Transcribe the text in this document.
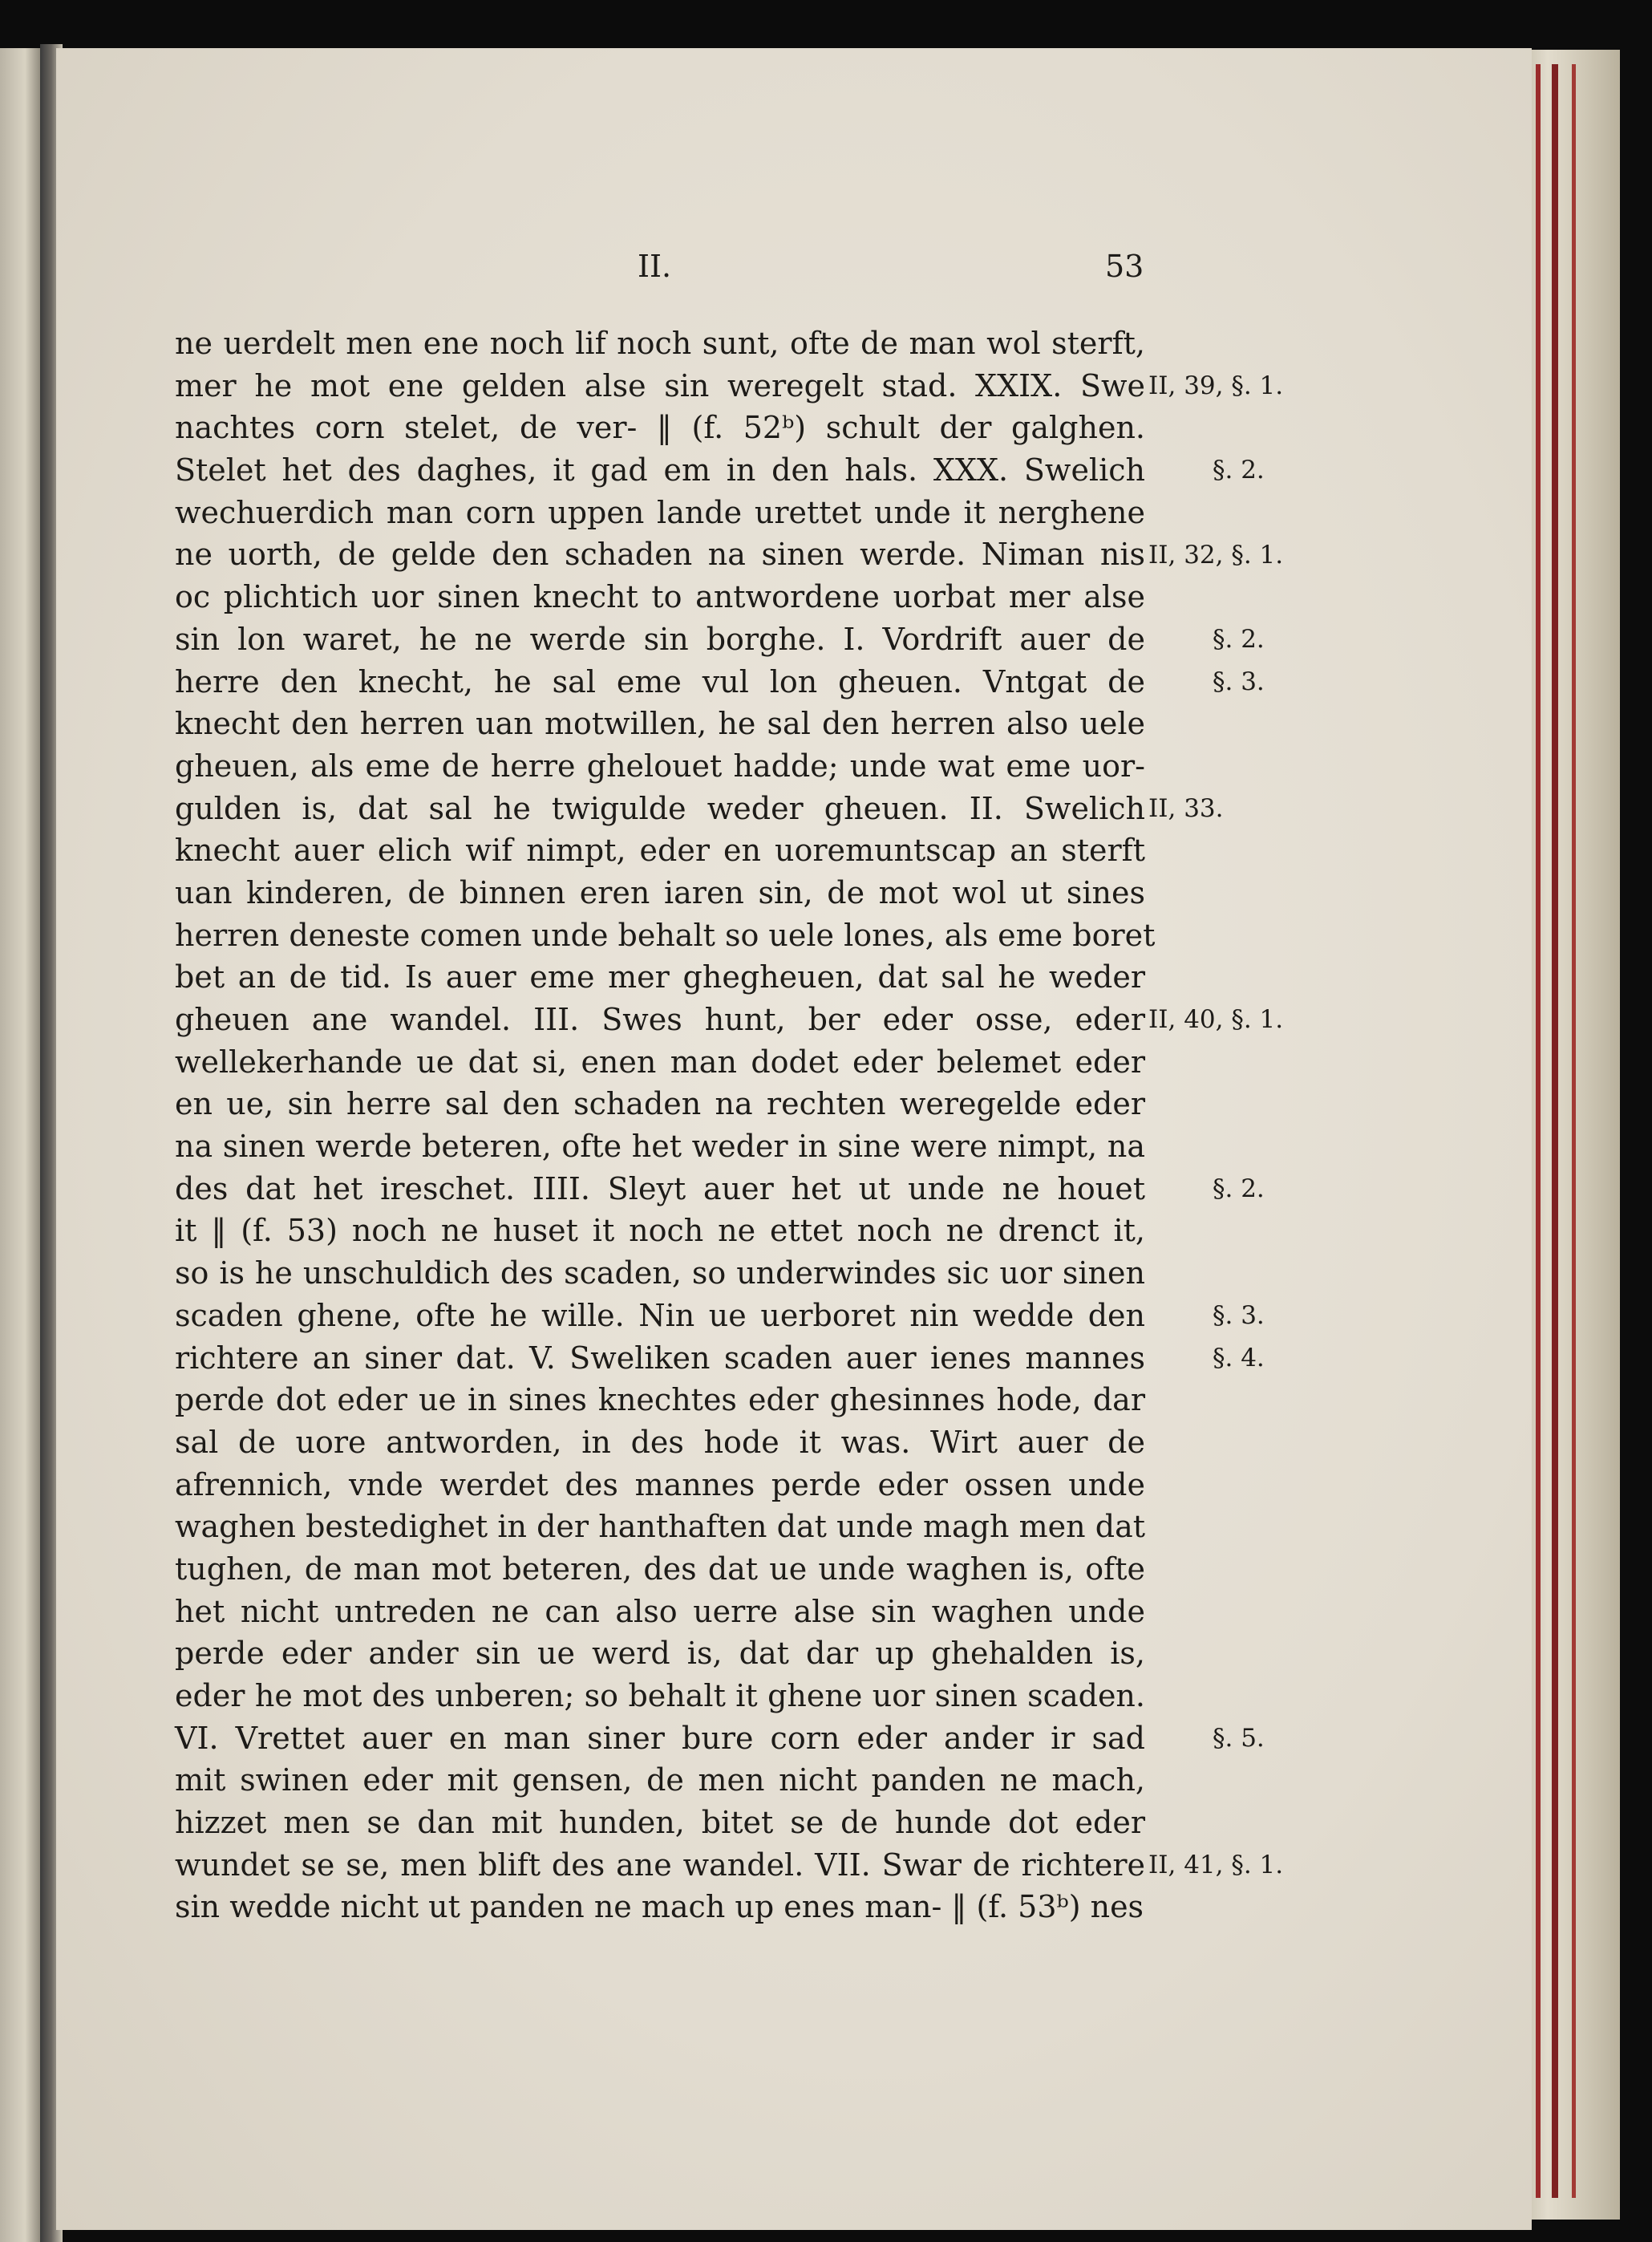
II.	53
ne uerdelt men ene noch lif noch sunt, ofte de man wol sterft,
mer he mot ene gelden alse sin weregelt stad. XXIX. Swe
nachtes corn stelet, de ver- ‖ (f. 52ᵇ) schult der galghen.
Stelet het des daghes, it gad em in den hals. XXX. Swelich
wechuerdich man corn uppen lande urettet unde it nerghene
ne uorth, de gelde den schaden na sinen werde. Niman nis
oc plichtich uor sinen knecht to antwordene uorbat mer alse
sin lon waret, he ne werde sin borghe. I. Vordrift auer de
herre den knecht, he sal eme vul lon gheuen. Vntgat de
knecht den herren uan motwillen, he sal den herren also uele
gheuen, als eme de herre ghelouet hadde; unde wat eme uor-
gulden is, dat sal he twigulde weder gheuen. II. Swelich
knecht auer elich wif nimpt, eder en uoremuntscap an sterft
uan kinderen, de binnen eren iaren sin, de mot wol ut sines
herren deneste comen unde behalt so uele lones, als eme boret
bet an de tid. Is auer eme mer ghegheuen, dat sal he weder
gheuen ane wandel. III. Swes hunt, ber eder osse, eder
wellekerhande ue dat si, enen man dodet eder belemet eder
en ue, sin herre sal den schaden na rechten weregelde eder
na sinen werde beteren, ofte het weder in sine were nimpt, na
des dat het ireschet. IIII. Sleyt auer het ut unde ne houet
it ‖ (f. 53) noch ne huset it noch ne ettet noch ne drenct it,
so is he unschuldich des scaden, so underwindes sic uor sinen
scaden ghene, ofte he wille. Nin ue uerboret nin wedde den
richtere an siner dat. V. Sweliken scaden auer ienes mannes
perde dot eder ue in sines knechtes eder ghesinnes hode, dar
sal de uore antworden, in des hode it was. Wirt auer de
afrennich, vnde werdet des mannes perde eder ossen unde
waghen bestedighet in der hanthaften dat unde magh men dat
tughen, de man mot beteren, des dat ue unde waghen is, ofte
het nicht untreden ne can also uerre alse sin waghen unde
perde eder ander sin ue werd is, dat dar up ghehalden is,
eder he mot des unberen; so behalt it ghene uor sinen scaden.
VI. Vrettet auer en man siner bure corn eder ander ir sad
mit swinen eder mit gensen, de men nicht panden ne mach,
hizzet men se dan mit hunden, bitet se de hunde dot eder
wundet se se, men blift des ane wandel. VII. Swar de richtere
sin wedde nicht ut panden ne mach up enes man- ‖ (f. 53ᵇ) nes
II, 39, §. 1.
§. 2.
II, 32, §. 1.
§. 2.
§. 3.
II, 33.
II, 40, §. 1.
§. 2.
§. 3.
§. 4.
§. 5.
II, 41, §. 1.
